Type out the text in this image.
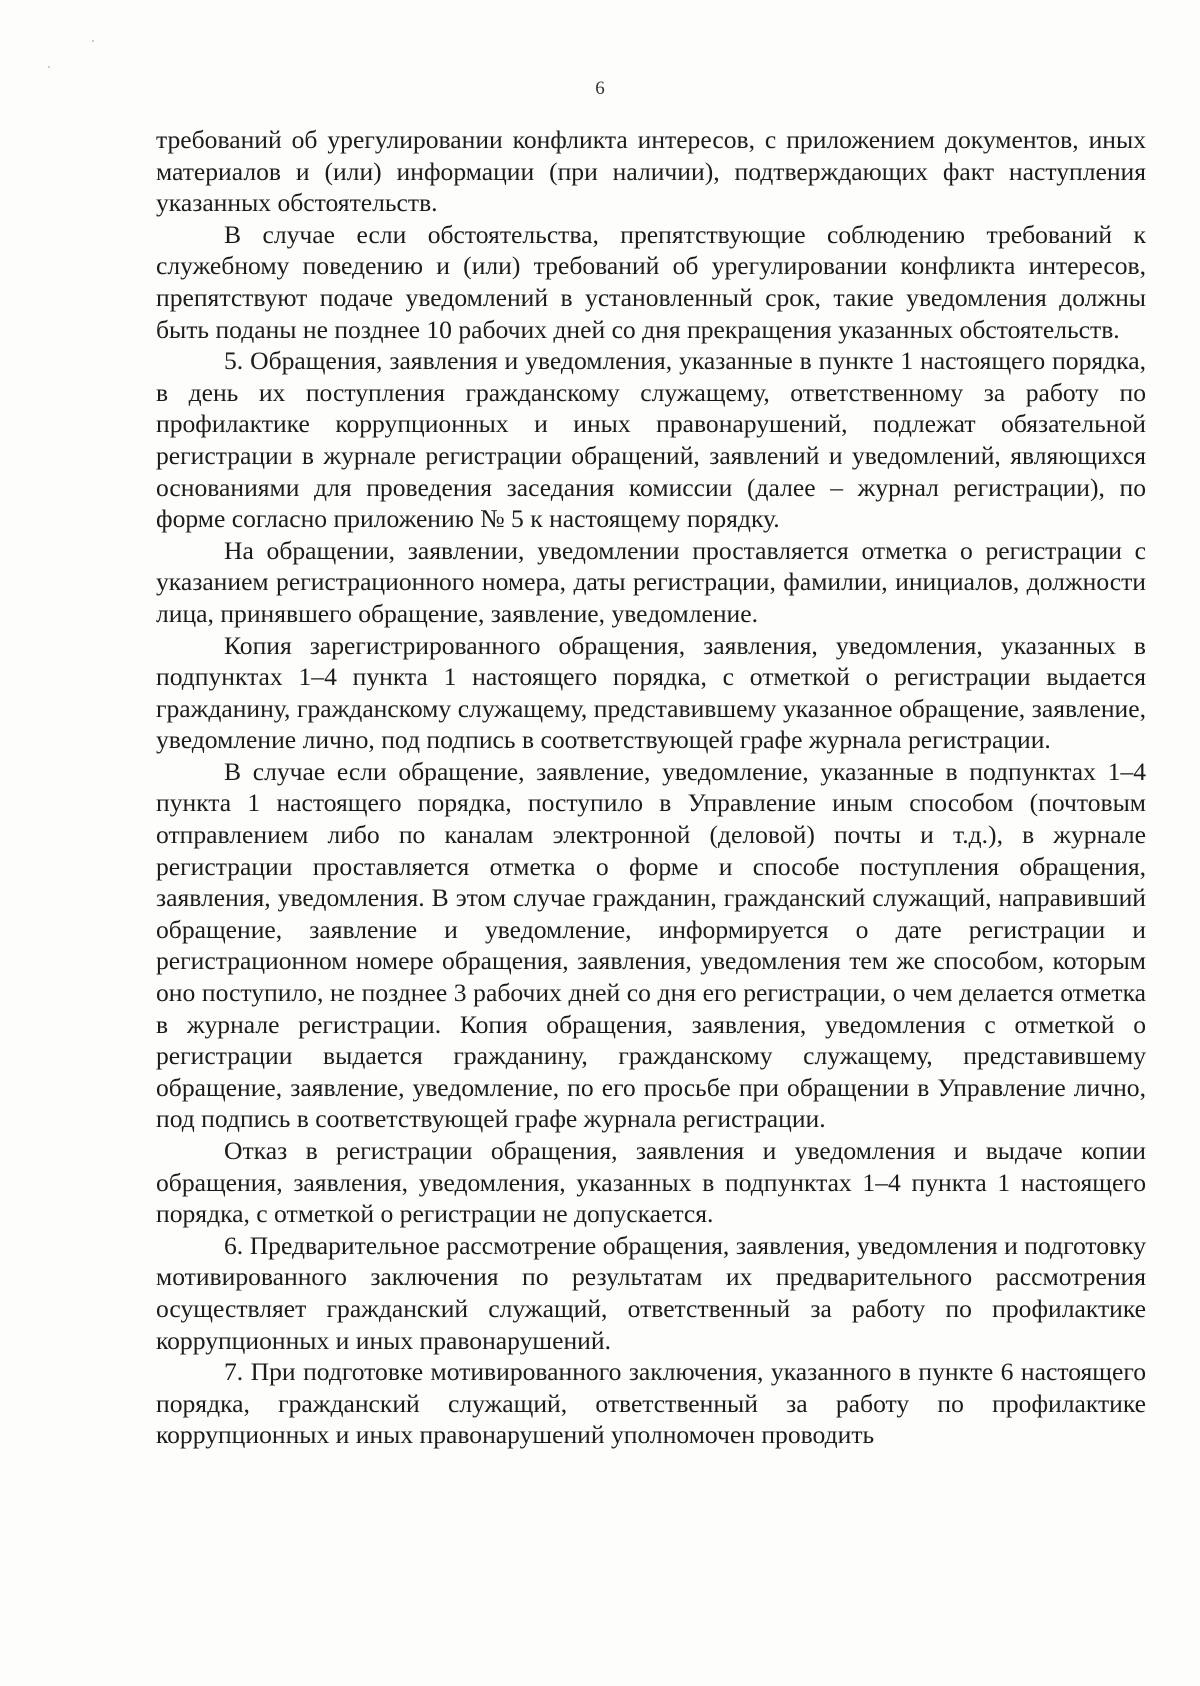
6

требований об урегулировании конфликта интересов, с приложением документов, иных материалов и (или) информации (при наличии), подтверждающих факт наступления указанных обстоятельств.

В случае если обстоятельства, препятствующие соблюдению требований к служебному поведению и (или) требований об урегулировании конфликта интересов, препятствуют подаче уведомлений в установленный срок, такие уведомления должны быть поданы не позднее 10 рабочих дней со дня прекращения указанных обстоятельств.

5. Обращения, заявления и уведомления, указанные в пункте 1 настоящего порядка, в день их поступления гражданскому служащему, ответственному за работу по профилактике коррупционных и иных правонарушений, подлежат обязательной регистрации в журнале регистрации обращений, заявлений и уведомлений, являющихся основаниями для проведения заседания комиссии (далее – журнал регистрации), по форме согласно приложению № 5 к настоящему порядку.

На обращении, заявлении, уведомлении проставляется отметка о регистрации с указанием регистрационного номера, даты регистрации, фамилии, инициалов, должности лица, принявшего обращение, заявление, уведомление.

Копия зарегистрированного обращения, заявления, уведомления, указанных в подпунктах 1–4 пункта 1 настоящего порядка, с отметкой о регистрации выдается гражданину, гражданскому служащему, представившему указанное обращение, заявление, уведомление лично, под подпись в соответствующей графе журнала регистрации.

В случае если обращение, заявление, уведомление, указанные в подпунктах 1–4 пункта 1 настоящего порядка, поступило в Управление иным способом (почтовым отправлением либо по каналам электронной (деловой) почты и т.д.), в журнале регистрации проставляется отметка о форме и способе поступления обращения, заявления, уведомления. В этом случае гражданин, гражданский служащий, направивший обращение, заявление и уведомление, информируется о дате регистрации и регистрационном номере обращения, заявления, уведомления тем же способом, которым оно поступило, не позднее 3 рабочих дней со дня его регистрации, о чем делается отметка в журнале регистрации. Копия обращения, заявления, уведомления с отметкой о регистрации выдается гражданину, гражданскому служащему, представившему обращение, заявление, уведомление, по его просьбе при обращении в Управление лично, под подпись в соответствующей графе журнала регистрации.

Отказ в регистрации обращения, заявления и уведомления и выдаче копии обращения, заявления, уведомления, указанных в подпунктах 1–4 пункта 1 настоящего порядка, с отметкой о регистрации не допускается.

6. Предварительное рассмотрение обращения, заявления, уведомления и подготовку мотивированного заключения по результатам их предварительного рассмотрения осуществляет гражданский служащий, ответственный за работу по профилактике коррупционных и иных правонарушений.

7. При подготовке мотивированного заключения, указанного в пункте 6 настоящего порядка, гражданский служащий, ответственный за работу по профилактике коррупционных и иных правонарушений уполномочен проводить
